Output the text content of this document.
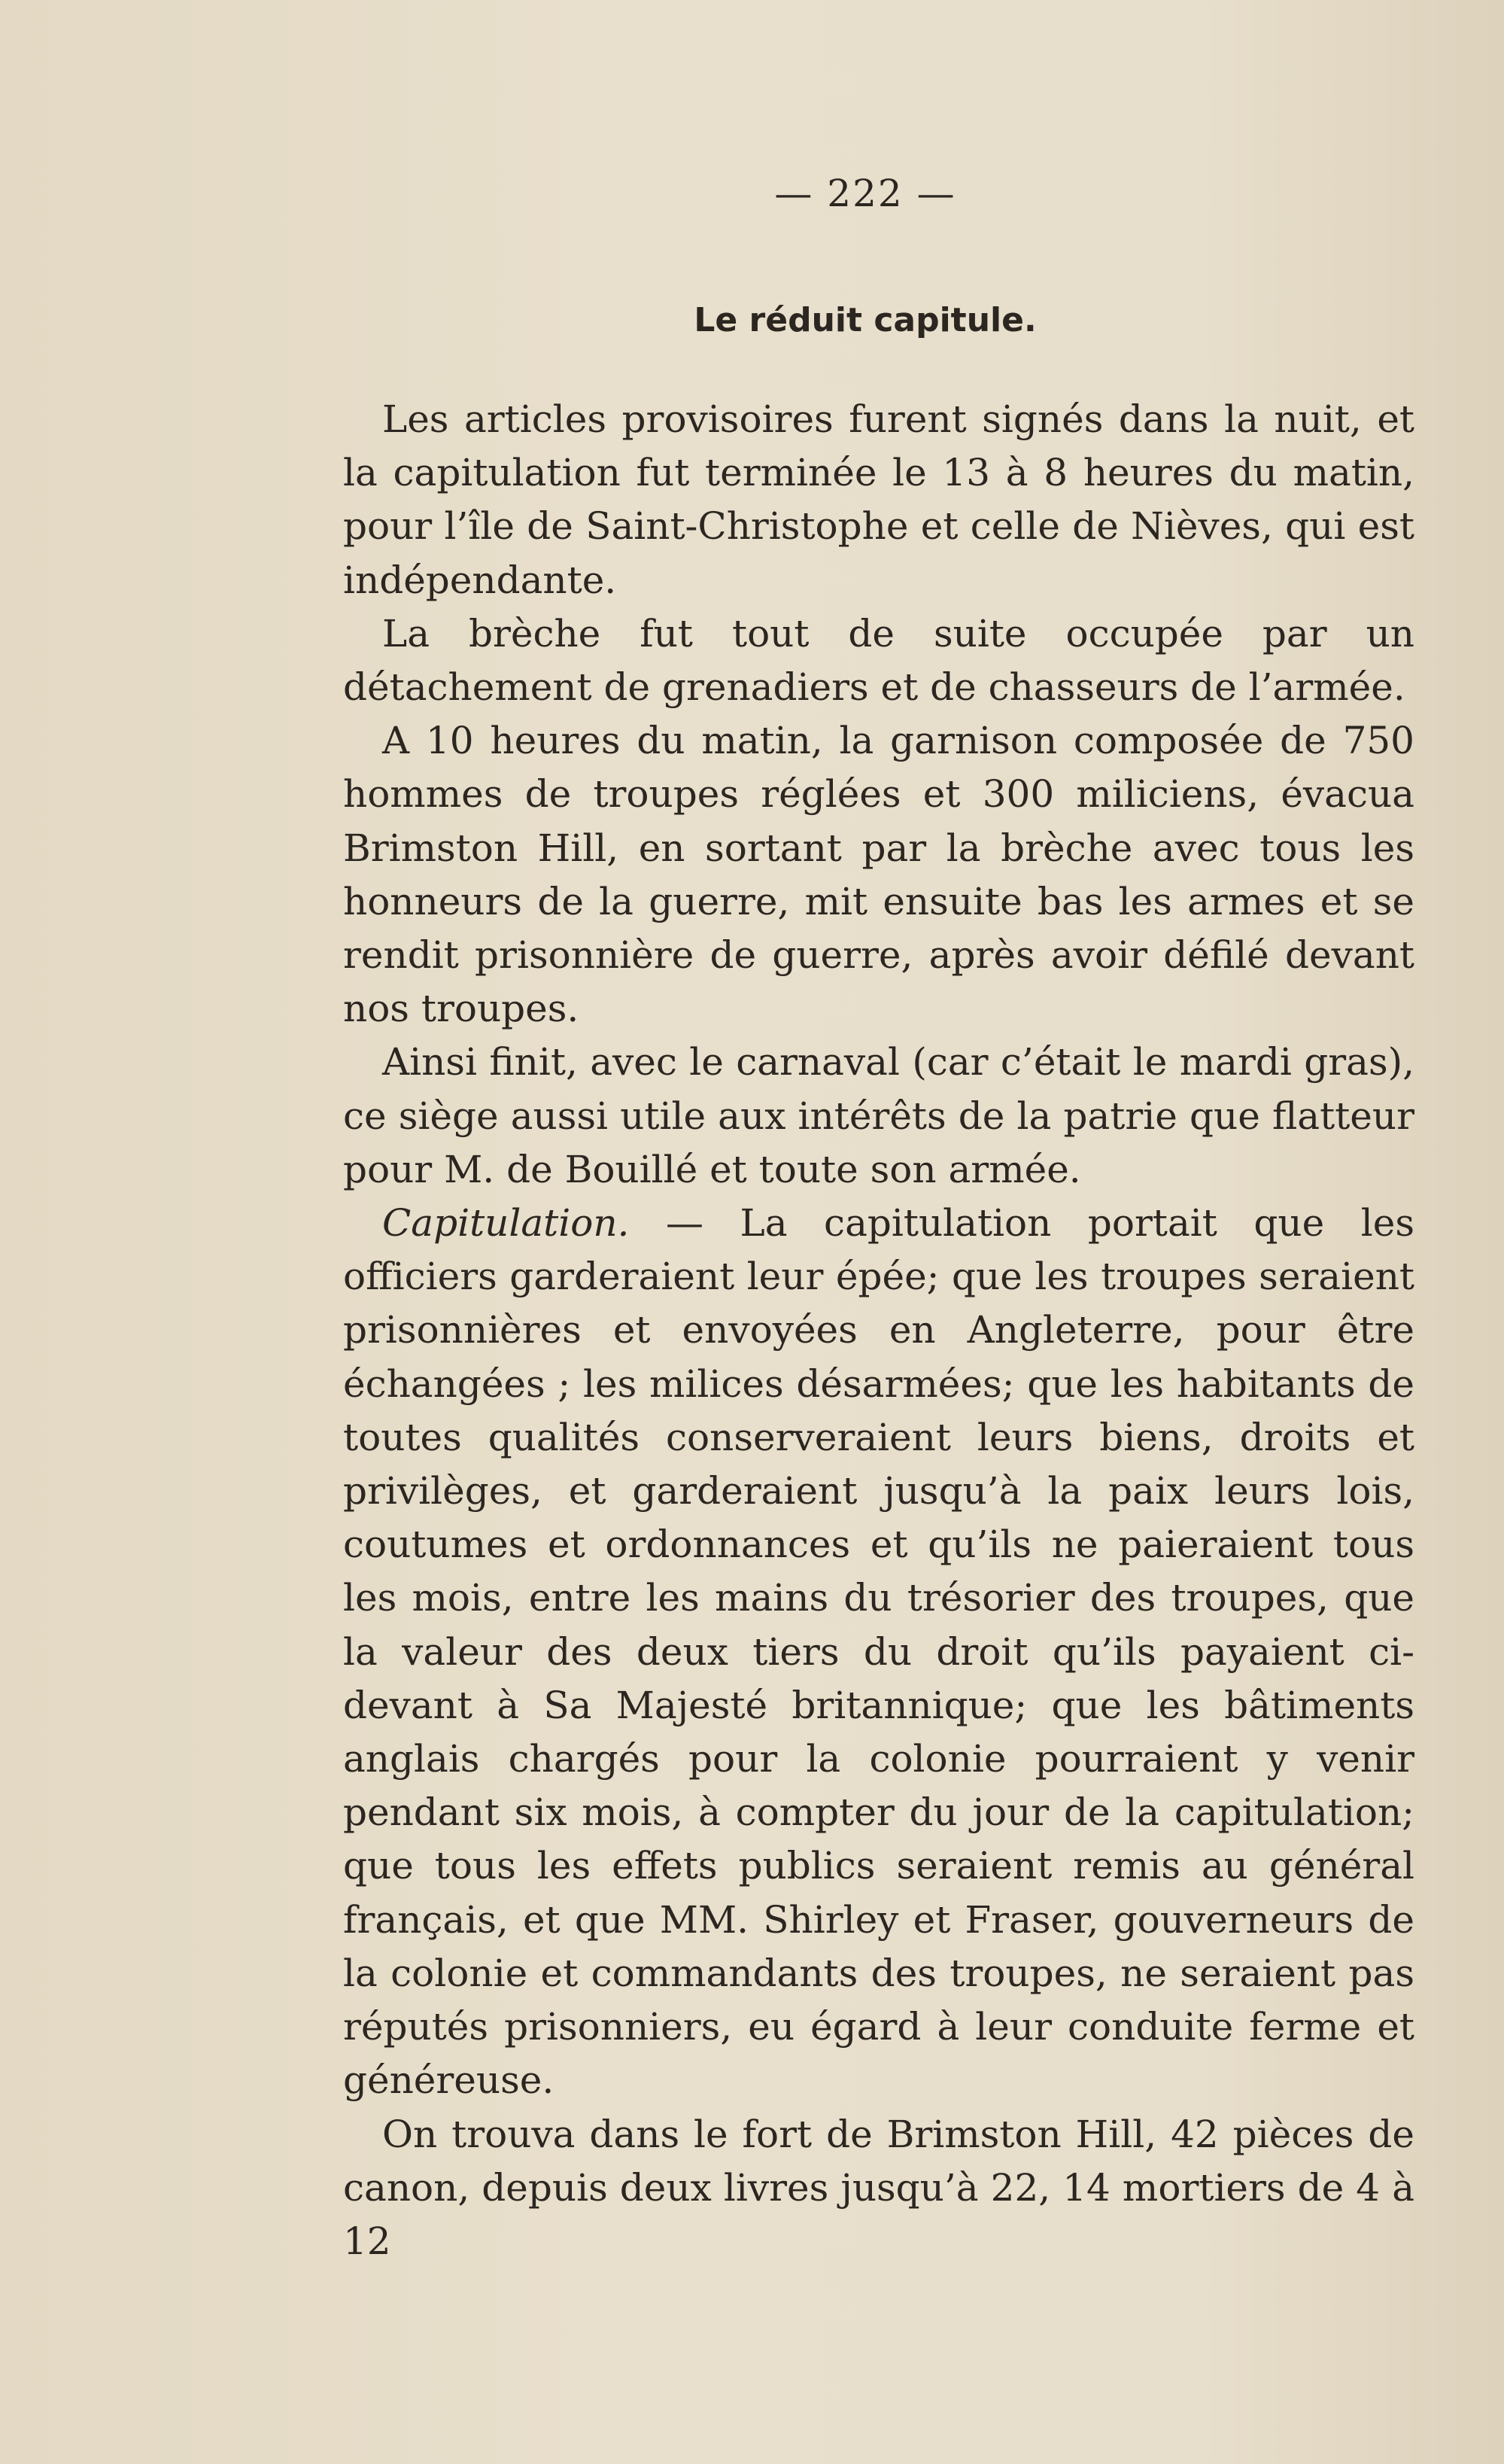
— 222 —
Le réduit capitule.

Les articles provisoires furent signés dans la nuit, et la capitulation fut terminée le 13 à 8 heures du matin, pour l’île de Saint-Christophe et celle de Nièves, qui est indépendante.

La brèche fut tout de suite occupée par un détachement de grenadiers et de chasseurs de l’armée.

A 10 heures du matin, la garnison composée de 750 hommes de troupes réglées et 300 miliciens, évacua Brimston Hill, en sortant par la brèche avec tous les honneurs de la guerre, mit ensuite bas les armes et se rendit prisonnière de guerre, après avoir défilé devant nos troupes.

Ainsi finit, avec le carnaval (car c’était le mardi gras), ce siège aussi utile aux intérêts de la patrie que flatteur pour M. de Bouillé et toute son armée.

Capitulation. — La capitulation portait que les officiers garderaient leur épée; que les troupes seraient prisonnières et envoyées en Angleterre, pour être échangées ; les milices désarmées; que les habitants de toutes qualités conserveraient leurs biens, droits et privilèges, et garderaient jusqu’à la paix leurs lois, coutumes et ordonnances et qu’ils ne paieraient tous les mois, entre les mains du trésorier des troupes, que la valeur des deux tiers du droit qu’ils payaient ci-devant à Sa Majesté britannique; que les bâtiments anglais chargés pour la colonie pourraient y venir pendant six mois, à compter du jour de la capitulation; que tous les effets publics seraient remis au général français, et que MM. Shirley et Fraser, gouverneurs de la colonie et commandants des troupes, ne seraient pas réputés prisonniers, eu égard à leur conduite ferme et généreuse.

On trouva dans le fort de Brimston Hill, 42 pièces de canon, depuis deux livres jusqu’à 22, 14 mortiers de 4 à 12
